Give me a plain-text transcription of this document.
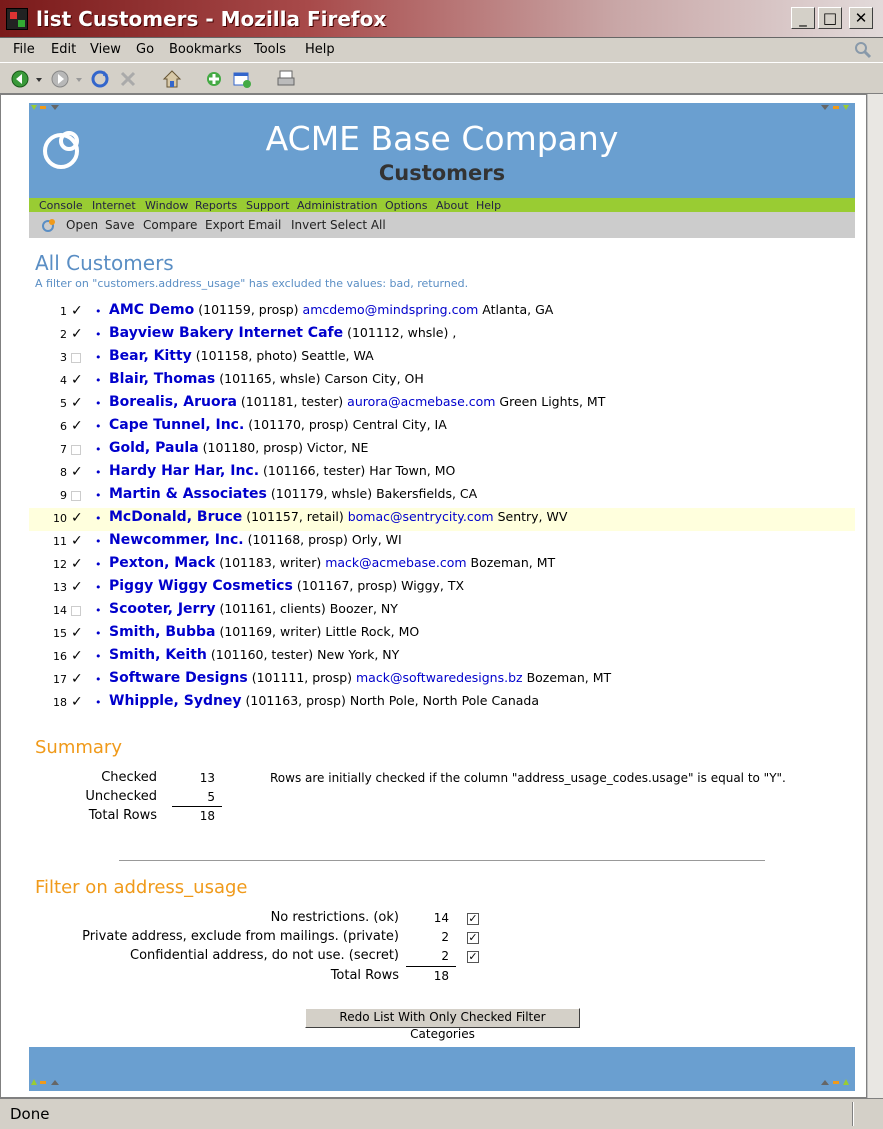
list Customers - Mozilla Firefox	_	□	✕
File Edit View Go Bookmarks Tools Help
ACME Base Company
Customers
Console Internet Window Reports Support Administration Options About Help
Open Save Compare Export Email Invert Select All
All Customers
A filter on "customers.address_usage" has excluded the values: bad, returned.
1 ✓ • AMC Demo (101159, prosp) amcdemo@mindspring.com Atlanta, GA
2 ✓ • Bayview Bakery Internet Cafe (101112, whsle) ,
3	• Bear, Kitty (101158, photo) Seattle, WA
4 ✓ • Blair, Thomas (101165, whsle) Carson City, OH
5 ✓ • Borealis, Aruora (101181, tester) aurora@acmebase.com Green Lights, MT
6 ✓ • Cape Tunnel, Inc. (101170, prosp) Central City, IA
7	• Gold, Paula (101180, prosp) Victor, NE
8 ✓ • Hardy Har Har, Inc. (101166, tester) Har Town, MO
9	• Martin & Associates (101179, whsle) Bakersfields, CA
10 ✓ • McDonald, Bruce (101157, retail) bomac@sentrycity.com Sentry, WV
11 ✓ • Newcommer, Inc. (101168, prosp) Orly, WI
12 ✓ • Pexton, Mack (101183, writer) mack@acmebase.com Bozeman, MT
13 ✓ • Piggy Wiggy Cosmetics (101167, prosp) Wiggy, TX
14	• Scooter, Jerry (101161, clients) Boozer, NY
15 ✓ • Smith, Bubba (101169, writer) Little Rock, MO
16 ✓ • Smith, Keith (101160, tester) New York, NY
17 ✓ • Software Designs (101111, prosp) mack@softwaredesigns.bz Bozeman, MT
18 ✓ • Whipple, Sydney (101163, prosp) North Pole, North Pole Canada
Summary
Checked	13
Unchecked	5
Total Rows	18
Rows are initially checked if the column "address_usage_codes.usage" is equal to "Y".
Filter on address_usage
No restrictions. (ok)	14 ✓
Private address, exclude from mailings. (private)	2 ✓
Confidential address, do not use. (secret)	2 ✓
Total Rows	18
Redo List With Only Checked Filter Categories
Done
